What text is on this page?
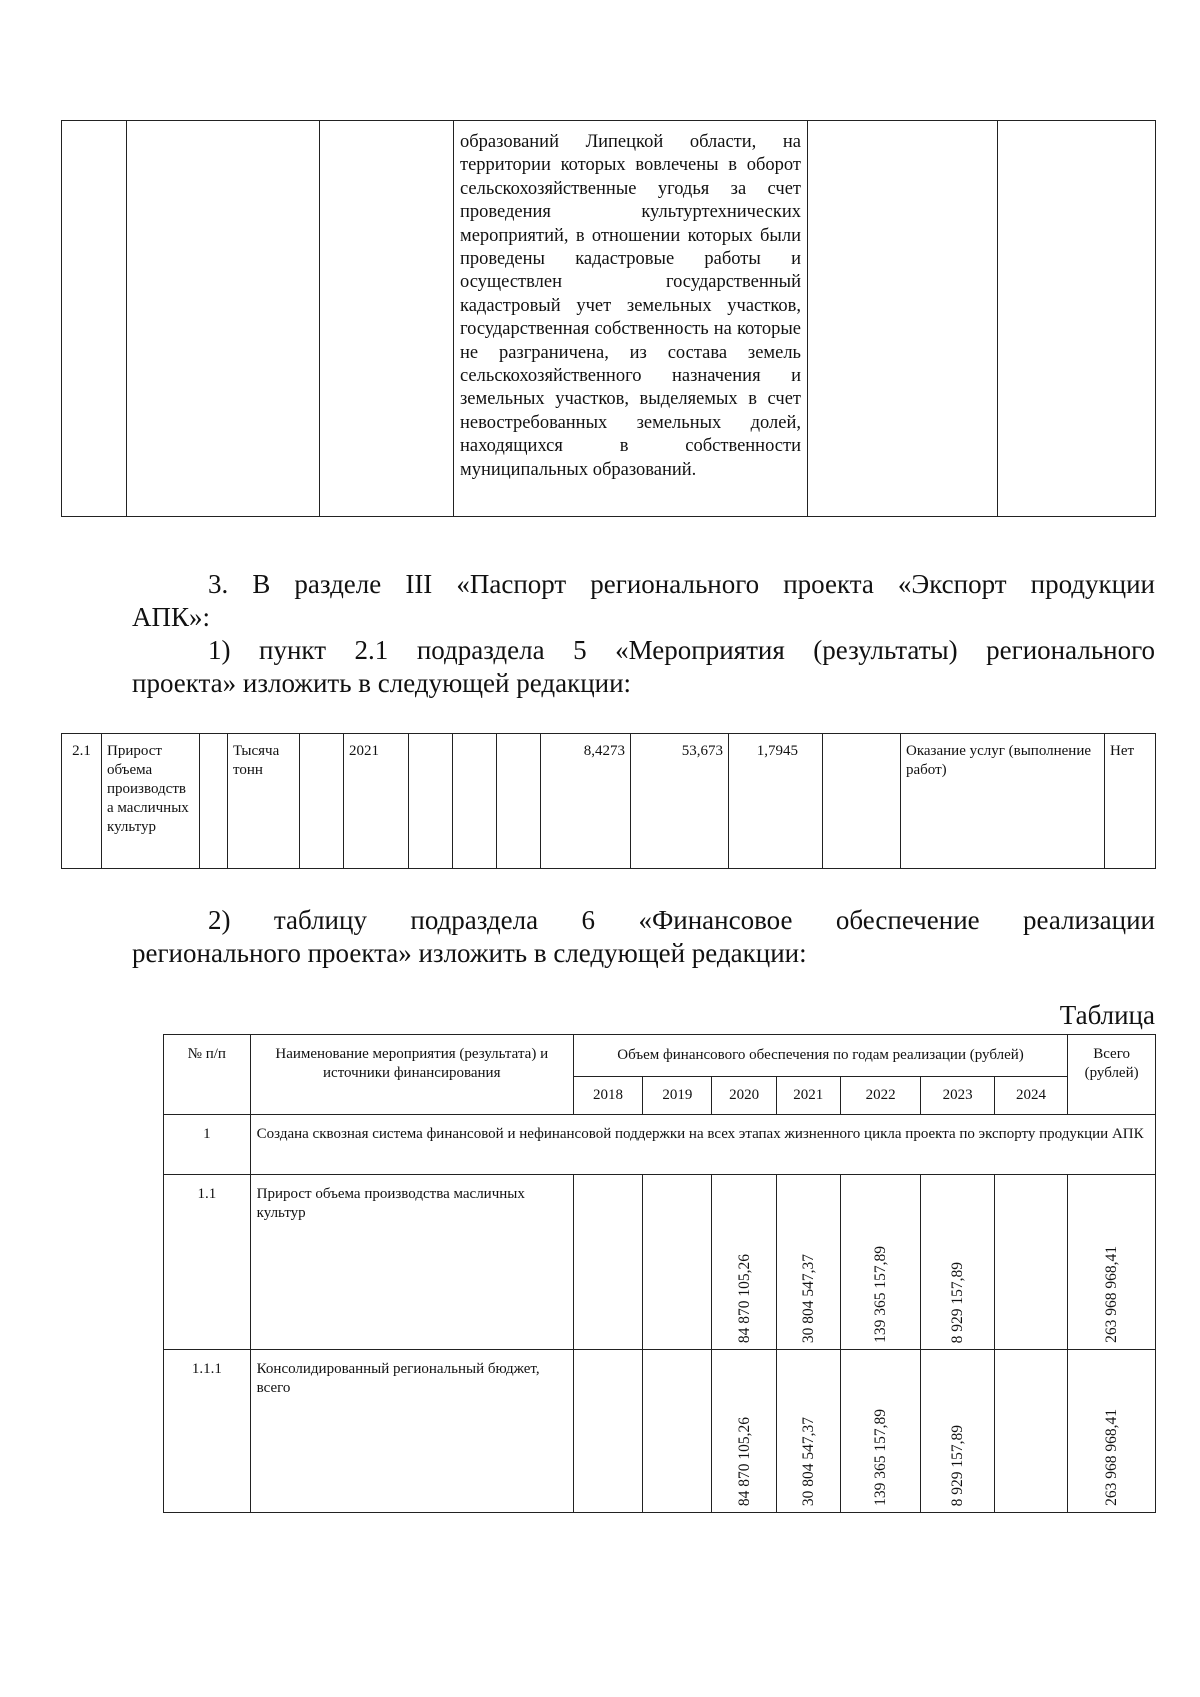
образований Липецкой области, на территории которых вовлечены в оборот сельскохозяйственные угодья за счет проведения культуртехнических мероприятий, в отношении которых были проведены кадастровые работы и осуществлен государственный кадастровый учет земельных участков, государственная собственность на которые не разграничена, из состава земель сельскохозяйственного назначения и земельных участков, выделяемых в счет невостребованных земельных долей, находящихся в собственности муниципальных образований.

3. В разделе III «Паспорт регионального проекта «Экспорт продукции
АПК»:
1) пункт 2.1 подраздела 5 «Мероприятия (результаты) регионального
проекта» изложить в следующей редакции:
2.1	Прирост объема производств а масличных культур		Тысяча тонн		2021				8,4273	53,673	1,7945		Оказание услуг (выполнение работ)	Нет
2) таблицу подраздела 6 «Финансовое обеспечение реализации
регионального проекта» изложить в следующей редакции:
Таблица
№ п/п	Наименование мероприятия (результата) и источники финансирования	Объем финансового обеспечения по годам реализации (рублей)							Всего (рублей)
		2018	2019	2020	2021	2022	2023	2024	
1	Создана сквозная система финансовой и нефинансовой поддержки на всех этапах жизненного цикла проекта по экспорту продукции АПК								
1.1	Прирост объема производства масличных культур			84 870 105,26	30 804 547,37	139 365 157,89	8 929 157,89		263 968 968,41

1.1.1	Консолидированный региональный бюджет, всего			84 870 105,26	30 804 547,37	139 365 157,89	8 929 157,89		263 968 968,41
